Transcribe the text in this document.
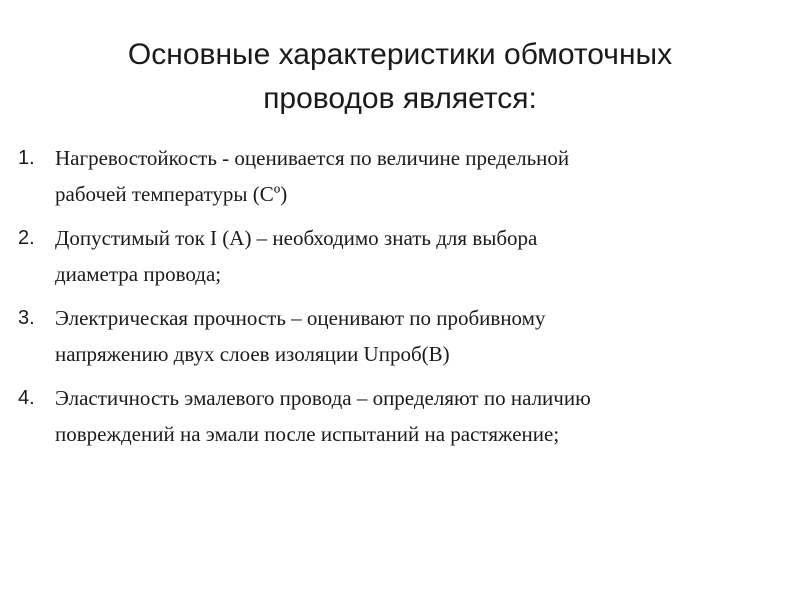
Основные характеристики обмоточных
проводов является:
1. Нагревостойкость - оценивается по величине предельной
рабочей температуры (Сº)
2. Допустимый ток I (А) – необходимо знать для выбора
диаметра провода;
3. Электрическая прочность – оценивают по пробивному
напряжению двух слоев изоляции Uпроб(В)
4. Эластичность эмалевого провода – определяют по наличию
повреждений на эмали после испытаний на растяжение;
